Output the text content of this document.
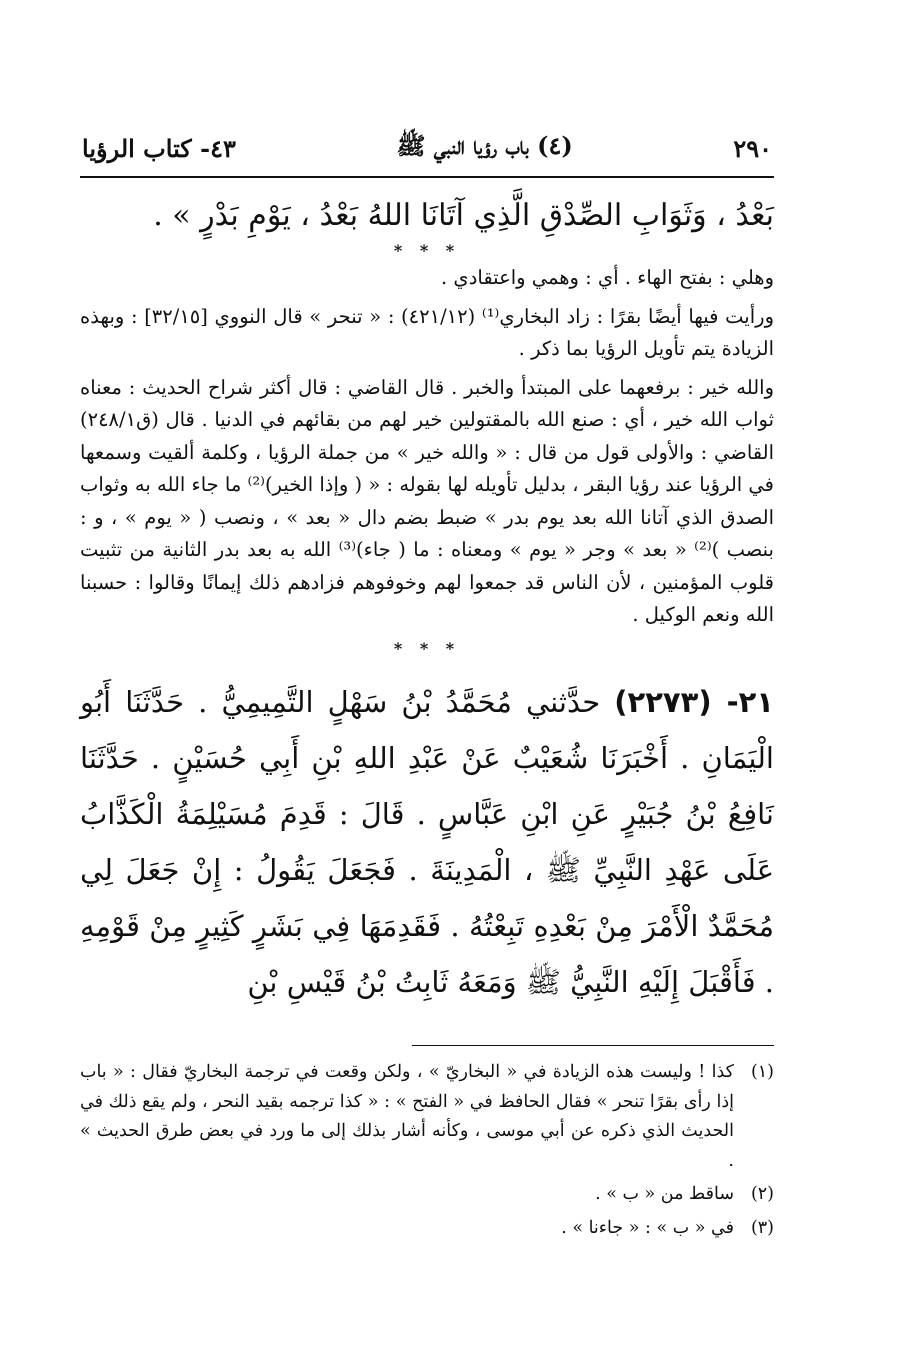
٢٩٠
(٤) باب رؤيا النبي ﷺ
٤٣- كتاب الرؤيا
بَعْدُ ، وَثَوَابِ الصِّدْقِ الَّذِي آتَانَا اللهُ بَعْدُ ، يَوْمِ بَدْرٍ » .
* * *

وهلي : بفتح الهاء . أي : وهمي واعتقادي .

ورأيت فيها أيضًا بقرًا : زاد البخاري⁽¹⁾ (٤٢١/١٢) : « تنحر » قال النووي [٣٢/١٥] : وبهذه الزيادة يتم تأويل الرؤيا بما ذكر .

والله خير : برفعهما على المبتدأ والخبر . قال القاضي : قال أكثر شراح الحديث : معناه ثواب الله خير ، أي : صنع الله بالمقتولين خير لهم من بقائهم في الدنيا . قال (ق٢٤٨/١) القاضي : والأولى قول من قال : « والله خير » من جملة الرؤيا ، وكلمة ألقيت وسمعها في الرؤيا عند رؤيا البقر ، بدليل تأويله لها بقوله : « ( وإذا الخير)⁽²⁾ ما جاء الله به وثواب الصدق الذي آتانا الله بعد يوم بدر » ضبط بضم دال « بعد » ، ونصب ( « يوم » ، و : بنصب )⁽²⁾ « بعد » وجر « يوم » ومعناه : ما ( جاء)⁽³⁾ الله به بعد بدر الثانية من تثبيت قلوب المؤمنين ، لأن الناس قد جمعوا لهم وخوفوهم فزادهم ذلك إيمانًا وقالوا : حسبنا الله ونعم الوكيل .

* * *
٢١- (٢٢٧٣) حدَّثني مُحَمَّدُ بْنُ سَهْلٍ التَّمِيمِيُّ . حَدَّثَنَا أَبُو الْيَمَانِ . أَخْبَرَنَا شُعَيْبٌ عَنْ عَبْدِ اللهِ بْنِ أَبِي حُسَيْنٍ . حَدَّثَنَا نَافِعُ بْنُ جُبَيْرٍ عَنِ ابْنِ عَبَّاسٍ . قَالَ : قَدِمَ مُسَيْلِمَةُ الْكَذَّابُ عَلَى عَهْدِ النَّبِيِّ ﷺ ، الْمَدِينَةَ . فَجَعَلَ يَقُولُ : إِنْ جَعَلَ لِي مُحَمَّدٌ الْأَمْرَ مِنْ بَعْدِهِ تَبِعْتُهُ . فَقَدِمَهَا فِي بَشَرٍ كَثِيرٍ مِنْ قَوْمِهِ . فَأَقْبَلَ إِلَيْهِ النَّبِيُّ ﷺ وَمَعَهُ ثَابِتُ بْنُ قَيْسِ بْنِ
(١)
كذا ! وليست هذه الزيادة في « البخاريّ » ، ولكن وقعت في ترجمة البخاريّ فقال : « باب إذا رأى بقرًا تنحر » فقال الحافظ في « الفتح » : « كذا ترجمه بقيد النحر ، ولم يقع ذلك في الحديث الذي ذكره عن أبي موسى ، وكأنه أشار بذلك إلى ما ورد في بعض طرق الحديث » .
(٢)
ساقط من « ب » .
(٣)
في « ب » : « جاءنا » .
